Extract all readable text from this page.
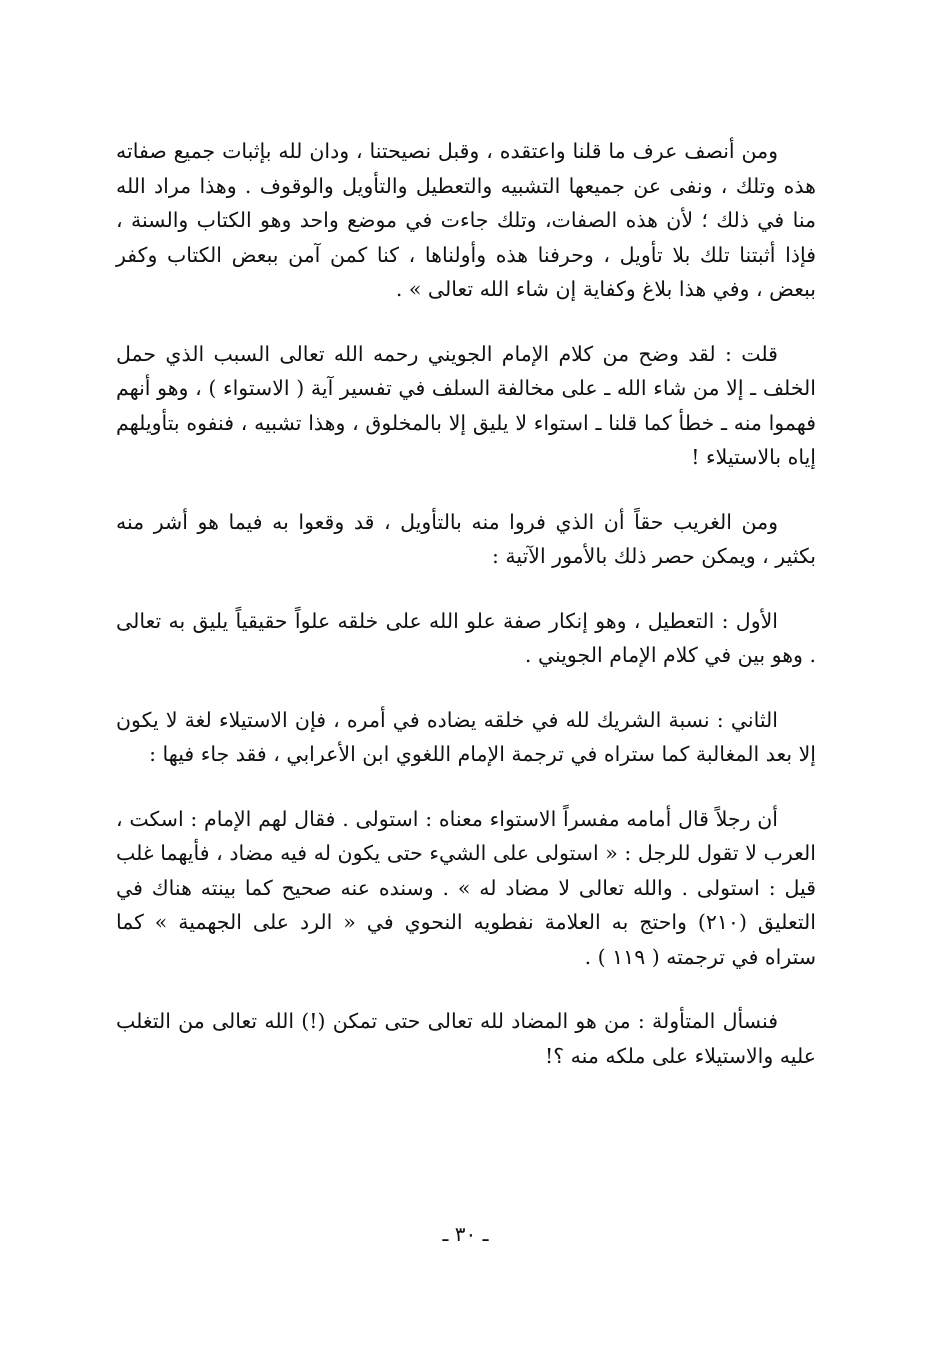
ومن أنصف عرف ما قلنا واعتقده ، وقبل نصيحتنا ، ودان لله بإثبات جميع صفاته هذه وتلك ، ونفى عن جميعها التشبيه والتعطيل والتأويل والوقوف . وهذا مراد الله منا في ذلك ؛ لأن هذه الصفات، وتلك جاءت في موضع واحد وهو الكتاب والسنة ، فإذا أثبتنا تلك بلا تأويل ، وحرفنا هذه وأولناها ، كنا كمن آمن ببعض الكتاب وكفر ببعض ، وفي هذا بلاغ وكفاية إن شاء الله تعالى » .

قلت : لقد وضح من كلام الإمام الجويني رحمه الله تعالى السبب الذي حمل الخلف ـ إلا من شاء الله ـ على مخالفة السلف في تفسير آية ( الاستواء ) ، وهو أنهم فهموا منه ـ خطأ كما قلنا ـ استواء لا يليق إلا بالمخلوق ، وهذا تشبيه ، فنفوه بتأويلهم إياه بالاستيلاء !

ومن الغريب حقاً أن الذي فروا منه بالتأويل ، قد وقعوا به فيما هو أشر منه بكثير ، ويمكن حصر ذلك بالأمور الآتية :

الأول : التعطيل ، وهو إنكار صفة علو الله على خلقه علواً حقيقياً يليق به تعالى . وهو بين في كلام الإمام الجويني .

الثاني : نسبة الشريك لله في خلقه يضاده في أمره ، فإن الاستيلاء لغة لا يكون إلا بعد المغالبة كما ستراه في ترجمة الإمام اللغوي ابن الأعرابي ، فقد جاء فيها :

أن رجلاً قال أمامه مفسراً الاستواء معناه : استولى . فقال لهم الإمام : اسكت ، العرب لا تقول للرجل : « استولى على الشيء حتى يكون له فيه مضاد ، فأيهما غلب قيل : استولى . والله تعالى لا مضاد له » . وسنده عنه صحيح كما بينته هناك في التعليق (٢١٠) واحتج به العلامة نفطويه النحوي في « الرد على الجهمية » كما ستراه في ترجمته ( ١١٩ ) .

فنسأل المتأولة : من هو المضاد لله تعالى حتى تمكن (!) الله تعالى من التغلب عليه والاستيلاء على ملكه منه ؟!

ـ ٣٠ ـ
